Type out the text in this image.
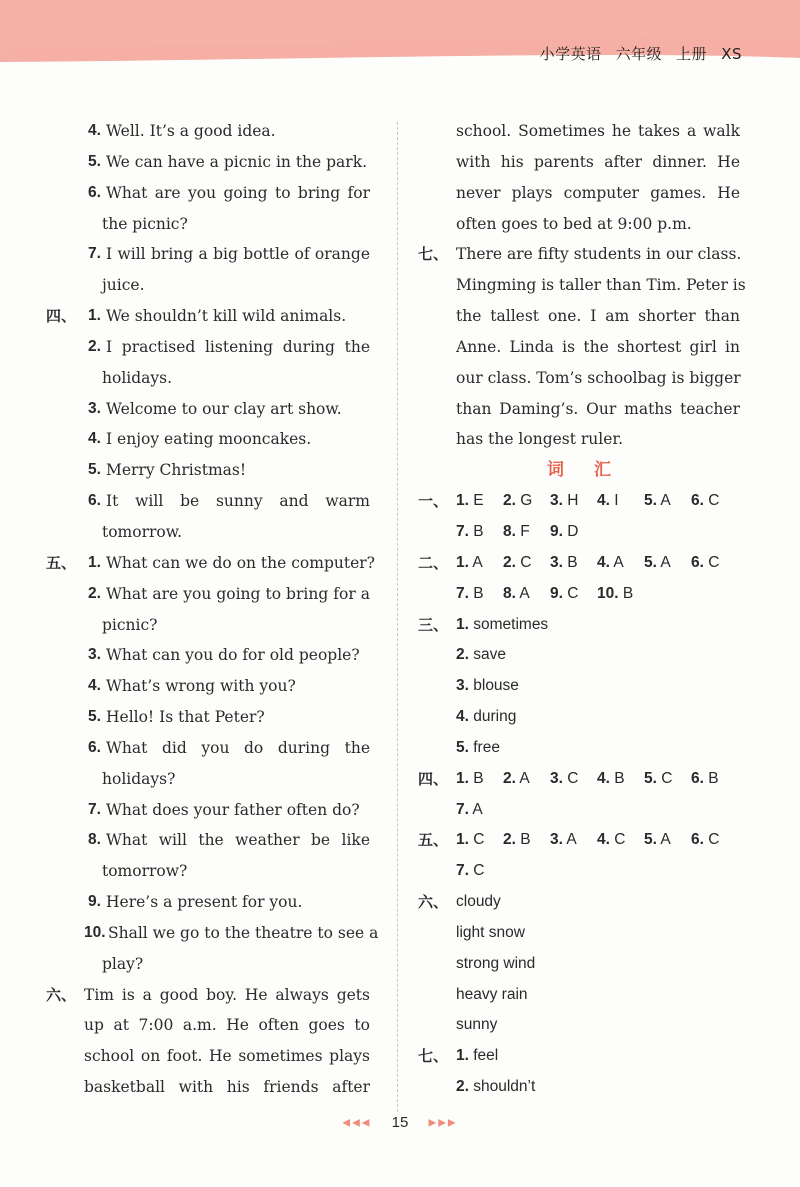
小学英语 六年级 上册 XS
4. Well. It’s a good idea.
5. We can have a picnic in the park.
6. What are you going to bring for
the picnic?
7. I will bring a big bottle of orange
juice.
四、 1. We shouldn’t kill wild animals.
2. I practised listening during the
holidays.
3. Welcome to our clay art show.
4. I enjoy eating mooncakes.
5. Merry Christmas!
6. It will be sunny and warm
tomorrow.
五、 1. What can we do on the computer?
2. What are you going to bring for a
picnic?
3. What can you do for old people?
4. What’s wrong with you?
5. Hello! Is that Peter?
6. What did you do during the
holidays?
7. What does your father often do?
8. What will the weather be like
tomorrow?
9. Here’s a present for you.
10. Shall we go to the theatre to see a
play?
六、 Tim is a good boy. He always gets
up at 7:00 a.m. He often goes to
school on foot. He sometimes plays
basketball with his friends after
school. Sometimes he takes a walk
with his parents after dinner. He
never plays computer games. He
often goes to bed at 9:00 p.m.
七、 There are fifty students in our class.
Mingming is taller than Tim. Peter is
the tallest one. I am shorter than
Anne. Linda is the shortest girl in
our class. Tom’s schoolbag is bigger
than Daming’s. Our maths teacher
has the longest ruler.
词汇
一、 1. E 2. G 3. H 4. I 5. A 6. C
7. B 8. F 9. D
二、 1. A 2. C 3. B 4. A 5. A 6. C
7. B 8. A 9. C 10. B
三、 1. sometimes
2. save
3. blouse
4. during
5. free
四、 1. B 2. A 3. C 4. B 5. C 6. B
7. A
五、 1. C 2. B 3. A 4. C 5. A 6. C
7. C
六、 cloudy
light snow
strong wind
heavy rain
sunny
七、 1. feel
2. shouldn’t
◀◀◀ 15 ▶▶▶
